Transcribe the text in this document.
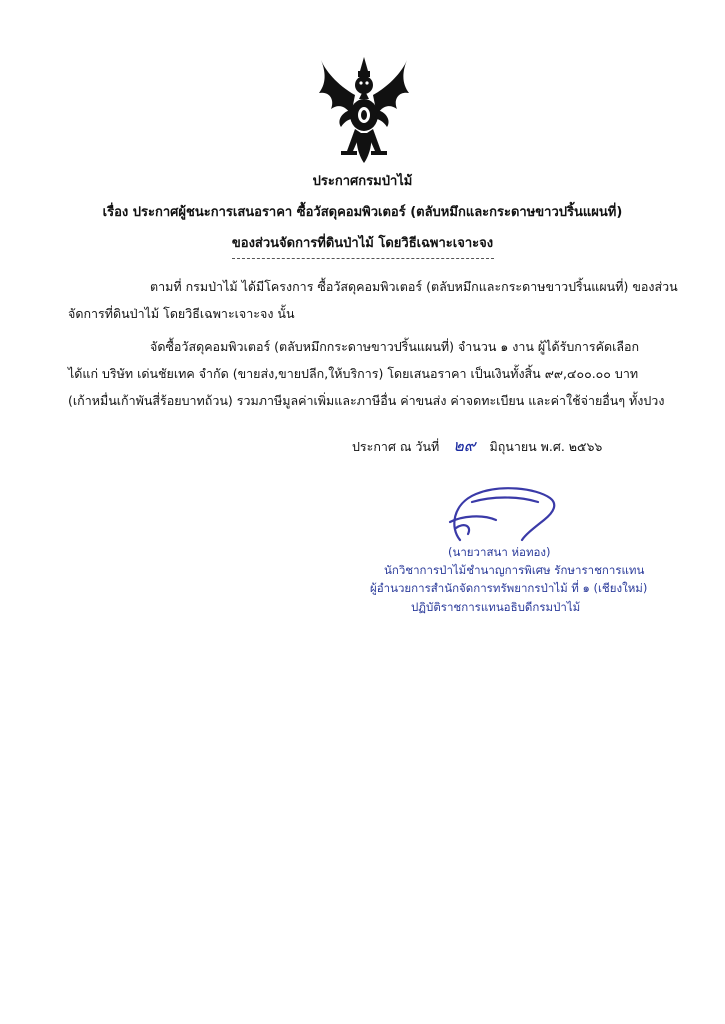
ประกาศกรมป่าไม้
เรื่อง ประกาศผู้ชนะการเสนอราคา ซื้อวัสดุคอมพิวเตอร์ (ตลับหมึกและกระดาษขาวปริ้นแผนที่)
ของส่วนจัดการที่ดินป่าไม้ โดยวิธีเฉพาะเจาะจง
ตามที่ กรมป่าไม้ ได้มีโครงการ ซื้อวัสดุคอมพิวเตอร์ (ตลับหมึกและกระดาษขาวปริ้นแผนที่) ของส่วน
จัดการที่ดินป่าไม้ โดยวิธีเฉพาะเจาะจง นั้น
จัดซื้อวัสดุคอมพิวเตอร์ (ตลับหมึกกระดาษขาวปริ้นแผนที่) จำนวน ๑ งาน ผู้ได้รับการคัดเลือก
ได้แก่ บริษัท เด่นชัยเทค จำกัด (ขายส่ง,ขายปลีก,ให้บริการ) โดยเสนอราคา เป็นเงินทั้งสิ้น ๙๙,๔๐๐.๐๐ บาท
(เก้าหมื่นเก้าพันสี่ร้อยบาทถ้วน) รวมภาษีมูลค่าเพิ่มและภาษีอื่น ค่าขนส่ง ค่าจดทะเบียน และค่าใช้จ่ายอื่นๆ ทั้งปวง
ประกาศ ณ วันที่ ๒๙ มิถุนายน พ.ศ. ๒๕๖๖
(นายวาสนา ห่อทอง)
นักวิชาการป่าไม้ชำนาญการพิเศษ รักษาราชการแทน
ผู้อำนวยการสำนักจัดการทรัพยากรป่าไม้ ที่ ๑ (เชียงใหม่)
ปฏิบัติราชการแทนอธิบดีกรมป่าไม้
